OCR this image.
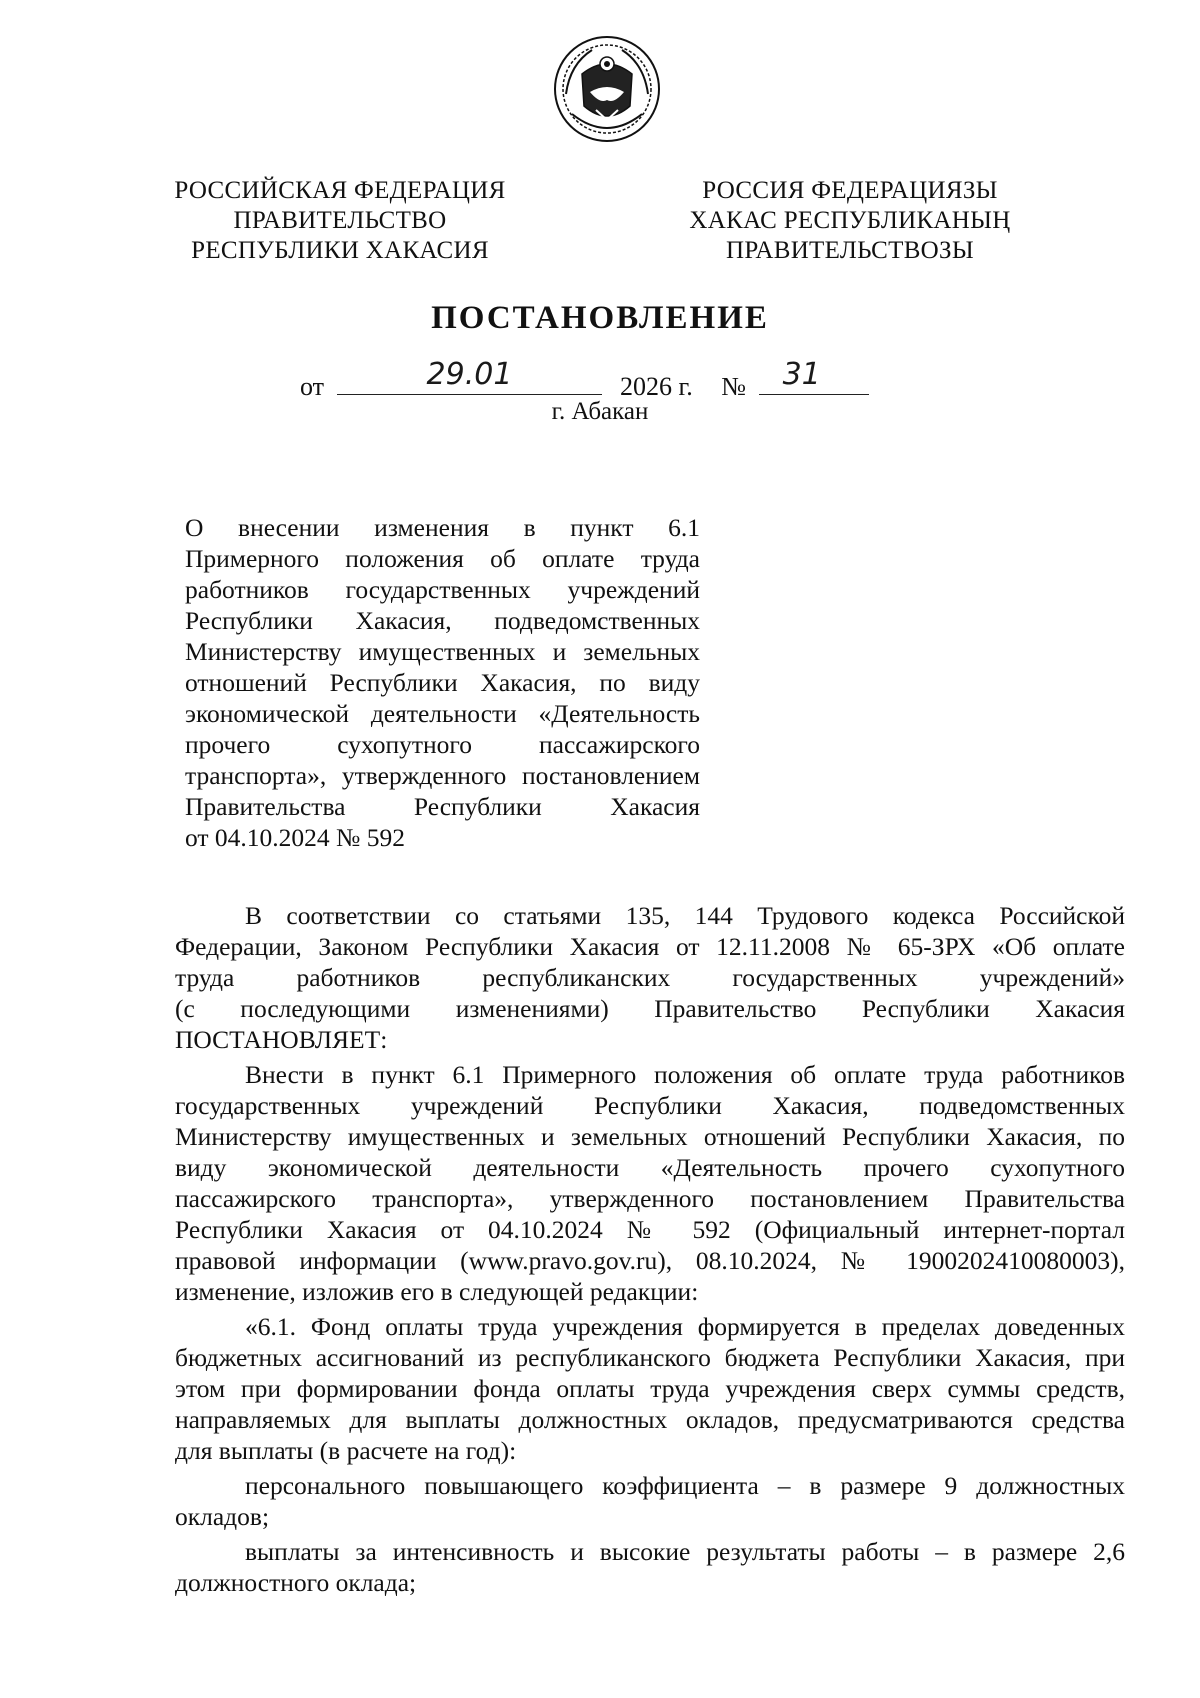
РОССИЙСКАЯ ФЕДЕРАЦИЯ
ПРАВИТЕЛЬСТВО
РЕСПУБЛИКИ ХАКАСИЯ
РОССИЯ ФЕДЕРАЦИЯЗЫ
ХАКАС РЕСПУБЛИКАНЫҢ
ПРАВИТЕЛЬСТВОЗЫ
ПОСТАНОВЛЕНИЕ
от	29.01	2026 г. № 31
г. Абакан
О внесении изменения в пункт 6.1
Примерного положения об оплате труда
работников государственных учреждений
Республики Хакасия, подведомственных
Министерству имущественных и земельных
отношений Республики Хакасия, по виду
экономической деятельности «Деятельность
прочего сухопутного пассажирского
транспорта», утвержденного постановлением
Правительства Республики Хакасия
от 04.10.2024 № 592
В соответствии со статьями 135, 144 Трудового кодекса Российской
Федерации, Законом Республики Хакасия от 12.11.2008 № 65-ЗРХ «Об оплате
труда работников республиканских государственных учреждений»
(с последующими изменениями) Правительство Республики Хакасия
ПОСТАНОВЛЯЕТ:
Внести в пункт 6.1 Примерного положения об оплате труда работников
государственных учреждений Республики Хакасия, подведомственных
Министерству имущественных и земельных отношений Республики Хакасия, по
виду экономической деятельности «Деятельность прочего сухопутного
пассажирского транспорта», утвержденного постановлением Правительства
Республики Хакасия от 04.10.2024 № 592 (Официальный интернет-портал
правовой информации (www.pravo.gov.ru), 08.10.2024, № 1900202410080003),
изменение, изложив его в следующей редакции:
«6.1. Фонд оплаты труда учреждения формируется в пределах доведенных
бюджетных ассигнований из республиканского бюджета Республики Хакасия, при
этом при формировании фонда оплаты труда учреждения сверх суммы средств,
направляемых для выплаты должностных окладов, предусматриваются средства
для выплаты (в расчете на год):
персонального повышающего коэффициента – в размере 9 должностных
окладов;
выплаты за интенсивность и высокие результаты работы – в размере 2,6
должностного оклада;
